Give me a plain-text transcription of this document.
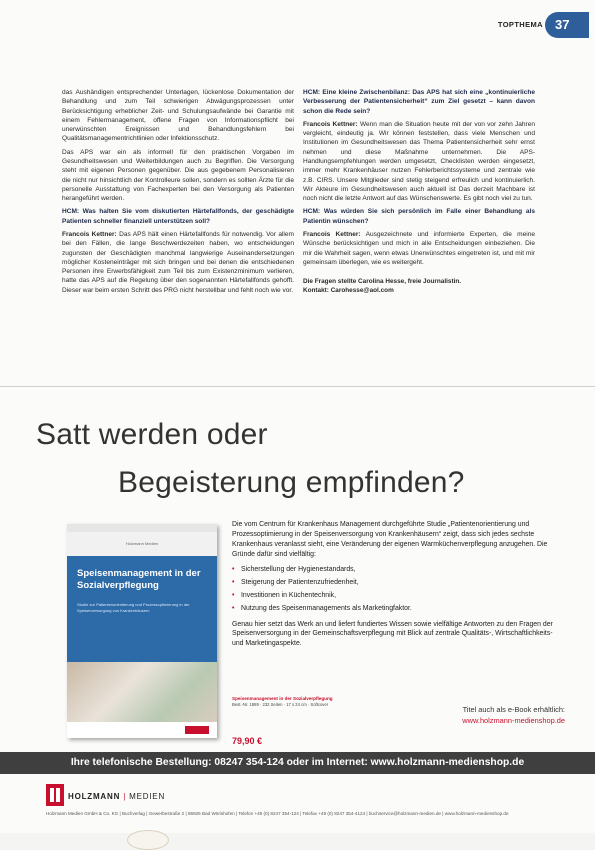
TOPTHEMA 37

das Aushändigen entsprechender Unterlagen, lückenlose Dokumentation der Behandlung und zum Teil schwierigen Abwägungsprozessen unter Berücksichtigung erheblicher Zeit- und Schulungsaufwände bei Garantie mit einem Fehlermanagement, offene Fragen von Informationspflicht bei unerwünschten Ereignissen und Behandlungsfehlern bei Qualitätsmanagementrichtlinien oder Infektionsschutz.

Das APS war ein als informell für den praktischen Vorgaben im Gesundheitswesen und Weiterbildungen auch zu Begriffen. Die Versorgung steht mit eigenen Personen gegenüber. Die aus gegebenem Personalisieren die nicht nur hinsichtlich der Kontrolleure sollen, sondern es sollten Ärzte für die personelle Ausstattung von Fachexperten bei den Versorgung als Patienten herangeführt werden.

HCM: Was halten Sie vom diskutierten Härtefallfonds, der geschädigte Patienten schneller finanziell unterstützen soll?

Francois Kettner: Das APS hält einen Härtefallfonds für notwendig. Vor allem bei den Fällen, die lange Beschwerdezeiten haben, wo entscheidungen zugunsten der Geschädigten manchmal langwierige Auseinandersetzungen möglicher Kosteneinträger mit sich bringen und bei denen die entschiedenen Personen ihre Erwerbsfähigkeit zum Teil bis zum Existenzminimum verlieren, hatte das APS auf die Regelung über den sogenannten Härtefallfonds gehofft. Dieser war beim ersten Schritt des PRG nicht herstellbar und fehlt noch wie vor.

HCM: Eine kleine Zwischenbilanz: Das APS hat sich eine „kontinuierliche Verbesserung der Patientensicherheit“ zum Ziel gesetzt – kann davon schon die Rede sein?

Francois Kettner: Wenn man die Situation heute mit der von vor zehn Jahren vergleicht, eindeutig ja. Wir können feststellen, dass viele Menschen und Institutionen im Gesundheitswesen das Thema Patientensicherheit sehr ernst nehmen und diese Maßnahme unternehmen. Die APS-Handlungsempfehlungen werden umgesetzt, Checklisten werden eingesetzt, immer mehr Krankenhäuser nutzen Fehlerberichtssysteme und zentrale wie z.B. CIRS. Unsere Mitglieder sind stetig steigend erfreulich und kontinuierlich. Wir Akteure im Gesundheitswesen auch aktuell ist Das derzeit Machbare ist noch nicht die letzte Antwort auf das Wünschenswerte. Es gibt noch viel zu tun.

HCM: Was würden Sie sich persönlich im Falle einer Behandlung als Patientin wünschen?

Francois Kettner: Ausgezeichnete und informierte Experten, die meine Wünsche berücksichtigen und mich in alle Entscheidungen einbeziehen. Die mir die Wahrheit sagen, wenn etwas Unerwünschtes eingetreten ist, und mit mir gemeinsam überlegen, wie es weitergeht.

Die Fragen stellte Carolina Hesse, freie Journalistin.
Kontakt: Carohesse@aol.com
Satt werden oder
Begeisterung empfinden?
Holzmann Medien
Speisenmanagement in der Sozialverpflegung
Studie zur Patientenorientierung und Prozessoptimierung in der Speisenversorgung von Krankenhäusern

Die vom Centrum für Krankenhaus Management durchgeführte Studie „Patientenorientierung und Prozessoptimierung in der Speisenversorgung von Krankenhäusern“ zeigt, dass sich jedes sechste Krankenhaus veranlasst sieht, eine Veränderung der eigenen Warmküchenverpflegung anzugehen. Die Gründe dafür sind vielfältig:

• Sicherstellung der Hygienestandards,
• Steigerung der Patientenzufriedenheit,
• Investitionen in Küchentechnik,
• Nutzung des Speisenmanagements als Marketingfaktor.

Genau hier setzt das Werk an und liefert fundiertes Wissen sowie vielfältige Antworten zu den Fragen der Speisenversorgung in der Gemeinschaftsverpflegung mit Blick auf zentrale Qualitäts-, Wirtschaftlichkeits- und Marketingaspekte.

Speisenmanagement in der Sozialverpflegung
Best.-Nr. 1889 · 232 Seiten · 17 x 24 cm · Softcover
79,90 €
Titel auch als e-Book erhältlich:
www.holzmann-medienshop.de
Ihre telefonische Bestellung: 08247 354-124 oder im Internet: www.holzmann-medienshop.de
HOLZMANN | MEDIEN
Holzmann Medien GmbH & Co. KG | Buchverlag | Gewerbestraße 2 | 86825 Bad Wörishofen | Telefon +49 (0) 8247 354-124 | Telefax +49 (0) 8247 354-4124 | buchservice@holzmann-medien.de | www.holzmann-medienshop.de
